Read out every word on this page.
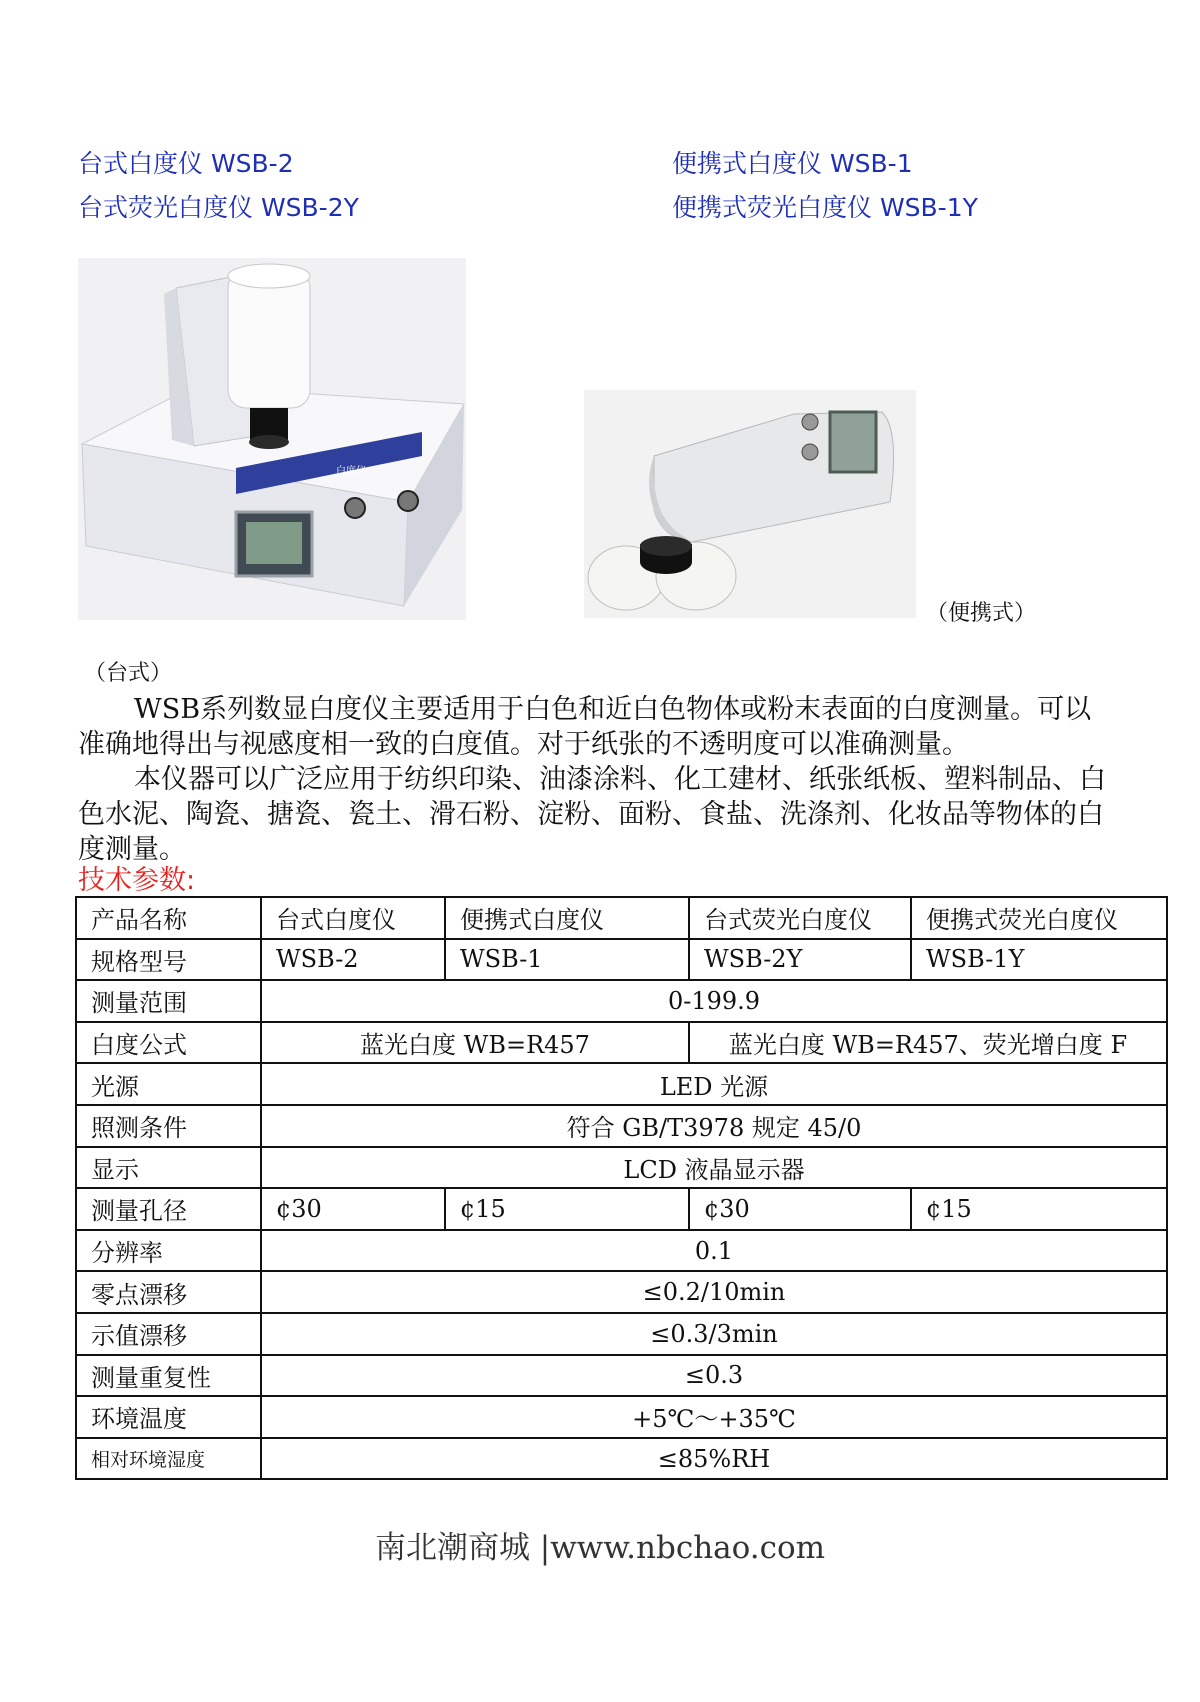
台式白度仪 WSB-2
台式荧光白度仪 WSB-2Y
便携式白度仪 WSB-1
便携式荧光白度仪 WSB-1Y
白度仪
（便携式）
（台式）

WSB系列数显白度仪主要适用于白色和近白色物体或粉末表面的白度测量。可以准确地得出与视感度相一致的白度值。对于纸张的不透明度可以准确测量。

本仪器可以广泛应用于纺织印染、油漆涂料、化工建材、纸张纸板、塑料制品、白色水泥、陶瓷、搪瓷、瓷土、滑石粉、淀粉、面粉、食盐、洗涤剂、化妆品等物体的白度测量。

技术参数:
产品名称	台式白度仪	便携式白度仪	台式荧光白度仪	便携式荧光白度仪
规格型号	WSB-2	WSB-1	WSB-2Y	WSB-1Y
测量范围	0-199.9			
白度公式	蓝光白度 WB=R457		蓝光白度 WB=R457、荧光增白度 F	
光源	LED 光源			
照测条件	符合 GB/T3978 规定 45/0			
显示	LCD 液晶显示器			
测量孔径	¢30	¢15	¢30	¢15
分辨率	0.1			
零点漂移	≤0.2/10min			
示值漂移	≤0.3/3min			
测量重复性	≤0.3			
环境温度	+5℃～+35℃			
相对环境湿度	≤85%RH			
南北潮商城 |www.nbchao.com
